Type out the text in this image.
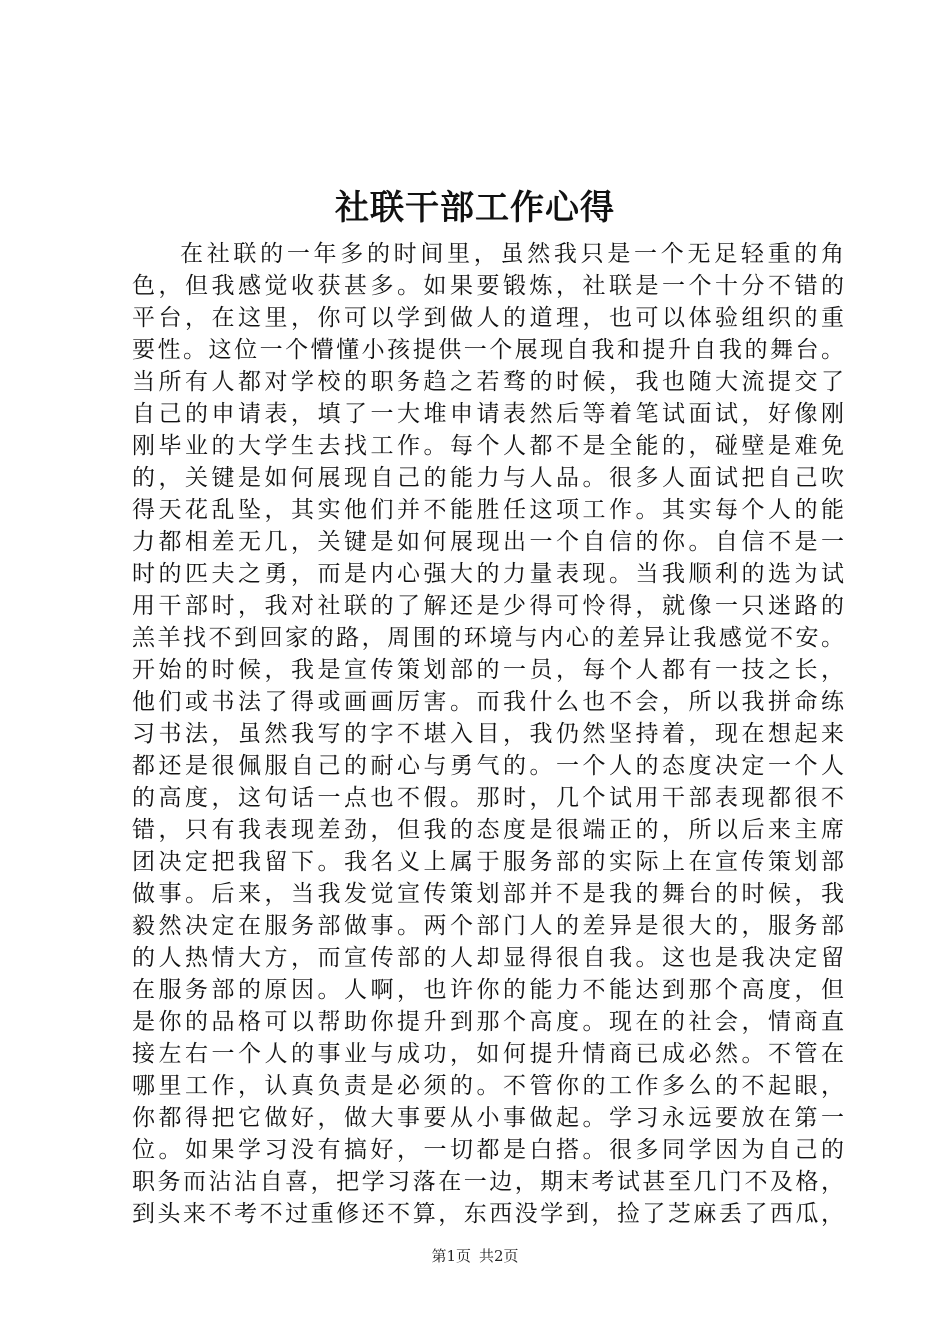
社联干部工作心得
在社联的一年多的时间里，虽然我只是一个无足轻重的角
色，但我感觉收获甚多。如果要锻炼，社联是一个十分不错的
平台，在这里，你可以学到做人的道理，也可以体验组织的重
要性。这位一个懵懂小孩提供一个展现自我和提升自我的舞台。
当所有人都对学校的职务趋之若骛的时候，我也随大流提交了
自己的申请表，填了一大堆申请表然后等着笔试面试，好像刚
刚毕业的大学生去找工作。每个人都不是全能的，碰壁是难免
的，关键是如何展现自己的能力与人品。很多人面试把自己吹
得天花乱坠，其实他们并不能胜任这项工作。其实每个人的能
力都相差无几，关键是如何展现出一个自信的你。自信不是一
时的匹夫之勇，而是内心强大的力量表现。当我顺利的选为试
用干部时，我对社联的了解还是少得可怜得，就像一只迷路的
羔羊找不到回家的路，周围的环境与内心的差异让我感觉不安。
开始的时候，我是宣传策划部的一员，每个人都有一技之长，
他们或书法了得或画画厉害。而我什么也不会，所以我拼命练
习书法，虽然我写的字不堪入目，我仍然坚持着，现在想起来
都还是很佩服自己的耐心与勇气的。一个人的态度决定一个人
的高度，这句话一点也不假。那时，几个试用干部表现都很不
错，只有我表现差劲，但我的态度是很端正的，所以后来主席
团决定把我留下。我名义上属于服务部的实际上在宣传策划部
做事。后来，当我发觉宣传策划部并不是我的舞台的时候，我
毅然决定在服务部做事。两个部门人的差异是很大的，服务部
的人热情大方，而宣传部的人却显得很自我。这也是我决定留
在服务部的原因。人啊，也许你的能力不能达到那个高度，但
是你的品格可以帮助你提升到那个高度。现在的社会，情商直
接左右一个人的事业与成功，如何提升情商已成必然。不管在
哪里工作，认真负责是必须的。不管你的工作多么的不起眼，
你都得把它做好，做大事要从小事做起。学习永远要放在第一
位。如果学习没有搞好，一切都是白搭。很多同学因为自己的
职务而沾沾自喜，把学习落在一边，期末考试甚至几门不及格，
到头来不考不过重修还不算，东西没学到，捡了芝麻丢了西瓜，
第1页 共2页
